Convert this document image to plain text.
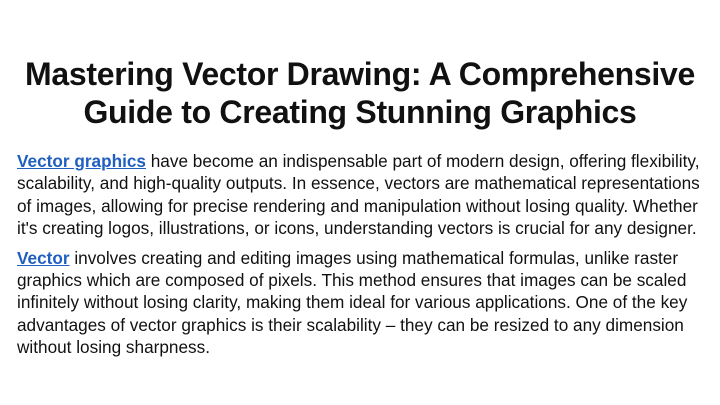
Mastering Vector Drawing: A Comprehensive
Guide to Creating Stunning Graphics

Vector graphics have become an indispensable part of modern design, offering flexibility, scalability, and high-quality outputs. In essence, vectors are mathematical representations of images, allowing for precise rendering and manipulation without losing quality. Whether it's creating logos, illustrations, or icons, understanding vectors is crucial for any designer.

Vector involves creating and editing images using mathematical formulas, unlike raster graphics which are composed of pixels. This method ensures that images can be scaled infinitely without losing clarity, making them ideal for various applications. One of the key advantages of vector graphics is their scalability – they can be resized to any dimension without losing sharpness.
